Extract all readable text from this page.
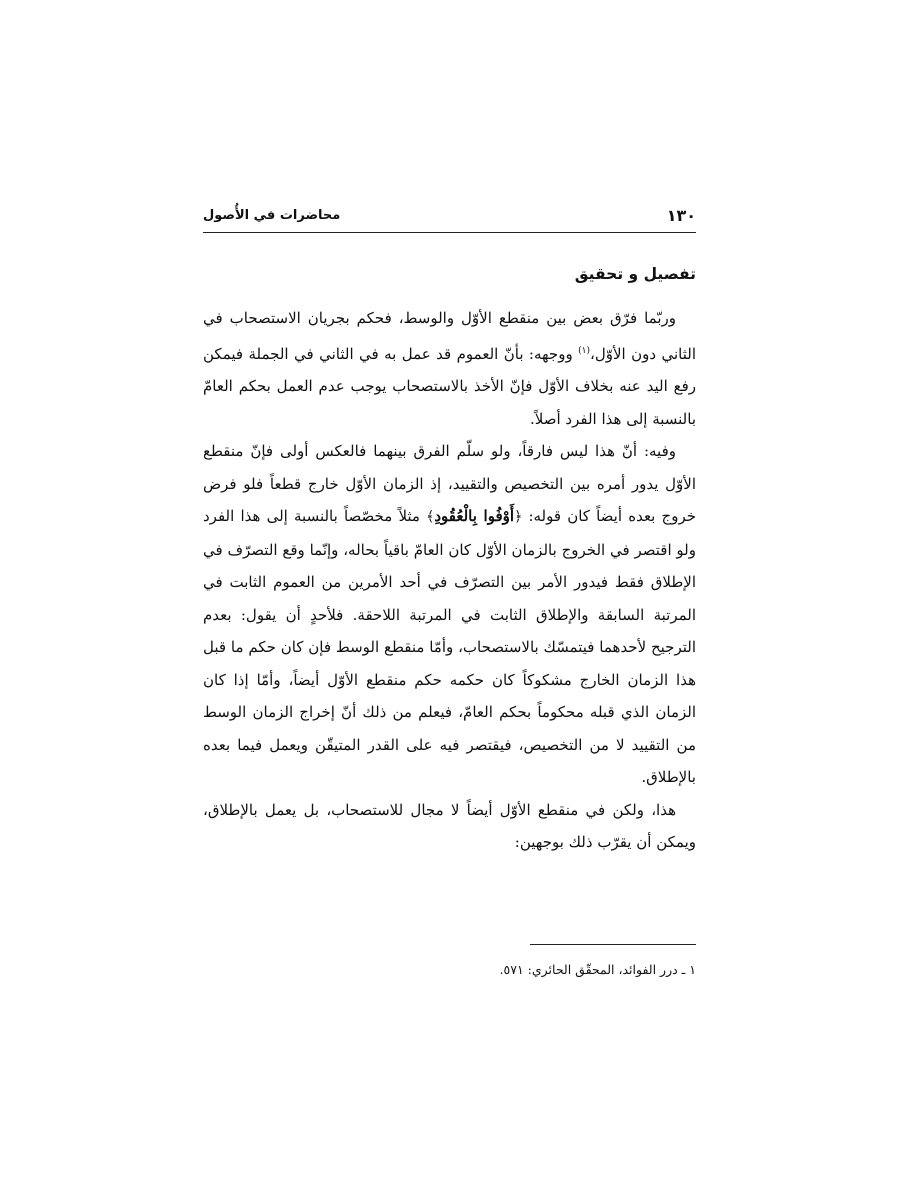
١٣٠
محاضرات في الأُصول
تفصيل و تحقيق

وربّما فرّق بعض بين منقطع الأوّل والوسط، فحكم بجريان الاستصحاب في الثاني دون الأوّل،$^{(١)}$ ووجهه: بأنّ العموم قد عمل به في الثاني في الجملة فيمكن رفع اليد عنه بخلاف الأوّل فإنّ الأخذ بالاستصحاب يوجب عدم العمل بحكم العامّ بالنسبة إلى هذا الفرد أصلاً.

وفيه: أنّ هذا ليس فارقاً، ولو سلّم الفرق بينهما فالعكس أولى فإنّ منقطع الأوّل يدور أمره بين التخصيص والتقييد، إذ الزمان الأوّل خارج قطعاً فلو فرض خروج بعده أيضاً كان قوله: ﴿أَوْفُوا بِالْعُقُودِ﴾ مثلاً مخصّصاً بالنسبة إلى هذا الفرد ولو اقتصر في الخروج بالزمان الأوّل كان العامّ باقياً بحاله، وإنّما وقع التصرّف في الإطلاق فقط فيدور الأمر بين التصرّف في أحد الأمرين من العموم الثابت في المرتبة السابقة والإطلاق الثابت في المرتبة اللاحقة. فلأحدٍ أن يقول: بعدم الترجيح لأحدهما فيتمسّك بالاستصحاب، وأمّا منقطع الوسط فإن كان حكم ما قبل هذا الزمان الخارج مشكوكاً كان حكمه حكم منقطع الأوّل أيضاً، وأمّا إذا كان الزمان الذي قبله محكوماً بحكم العامّ، فيعلم من ذلك أنّ إخراج الزمان الوسط من التقييد لا من التخصيص، فيقتصر فيه على القدر المتيقّن ويعمل فيما بعده بالإطلاق.

هذا، ولكن في منقطع الأوّل أيضاً لا مجال للاستصحاب، بل يعمل بالإطلاق، ويمكن أن يقرّب ذلك بوجهين:

١ ـ درر الفوائد، المحقّق الحائري: ٥٧١.
